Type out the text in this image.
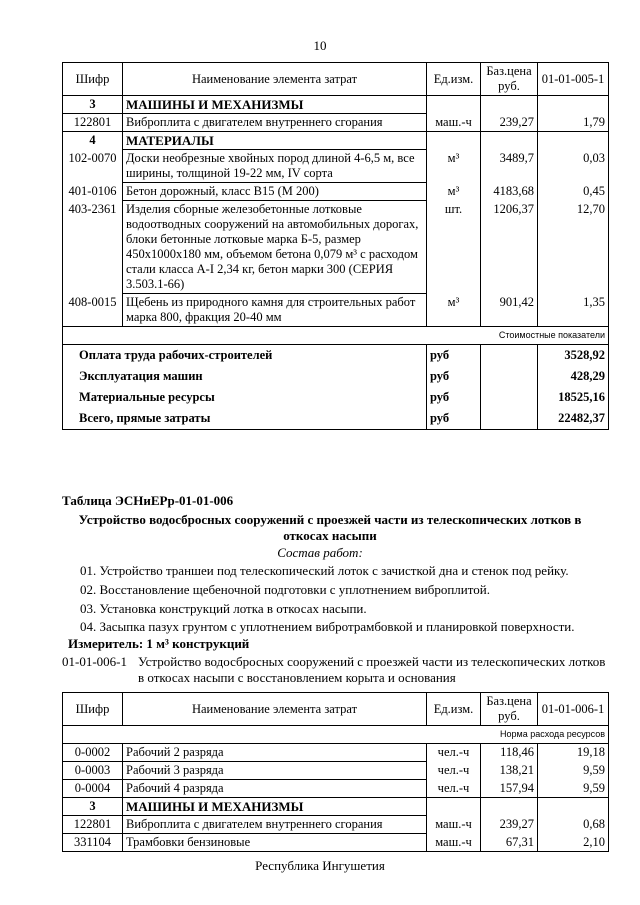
10
Шифр	Наименование элемента затрат	Ед.изм.	Баз.цена руб.	01-01-005-1
3	МАШИНЫ И МЕХАНИЗМЫ			
122801	Виброплита с двигателем внутреннего сгорания	маш.-ч	239,27	1,79
4	МАТЕРИАЛЫ			
102-0070	Доски необрезные хвойных пород длиной 4-6,5 м, все ширины, толщиной 19-22 мм, IV сорта	м³	3489,7	0,03
401-0106	Бетон дорожный, класс В15 (М 200)	м³	4183,68	0,45
403-2361	Изделия сборные железобетонные лотковые водоотводных сооружений на автомобильных дорогах, блоки бетонные лотковые марка Б-5, размер 450x1000x180 мм, объемом бетона 0,079 м³ с расходом стали класса А-I 2,34 кг, бетон марки 300 (СЕРИЯ 3.503.1-66)	шт.	1206,37	12,70
408-0015	Щебень из природного камня для строительных работ марка 800, фракция 20-40 мм	м³	901,42	1,35
Стоимостные показатели				
Оплата труда рабочих-строителей		руб		3528,92
Эксплуатация машин		руб		428,29
Материальные ресурсы		руб		18525,16
Всего, прямые затраты		руб		22482,37
Таблица ЭСНиЕРр-01-01-006
Устройство водосбросных сооружений с проезжей части из телескопических лотков в откосах насыпи
Состав работ:
01. Устройство траншеи под телескопический лоток с зачисткой дна и стенок под рейку.
02. Восстановление щебеночной подготовки с уплотнением виброплитой.
03. Установка конструкций лотка в откосах насыпи.
04. Засыпка пазух грунтом с уплотнением вибротрамбовкой и планировкой поверхности.
Измеритель: 1 м³ конструкций
01-01-006-1 Устройство водосбросных сооружений с проезжей части из телескопических лотков в откосах насыпи с восстановлением корыта и основания
Шифр	Наименование элемента затрат	Ед.изм.	Баз.цена руб.	01-01-006-1
Норма расхода ресурсов				
0-0002	Рабочий 2 разряда	чел.-ч	118,46	19,18
0-0003	Рабочий 3 разряда	чел.-ч	138,21	9,59
0-0004	Рабочий 4 разряда	чел.-ч	157,94	9,59
3	МАШИНЫ И МЕХАНИЗМЫ			
122801	Виброплита с двигателем внутреннего сгорания	маш.-ч	239,27	0,68
331104	Трамбовки бензиновые	маш.-ч	67,31	2,10
Республика Ингушетия
